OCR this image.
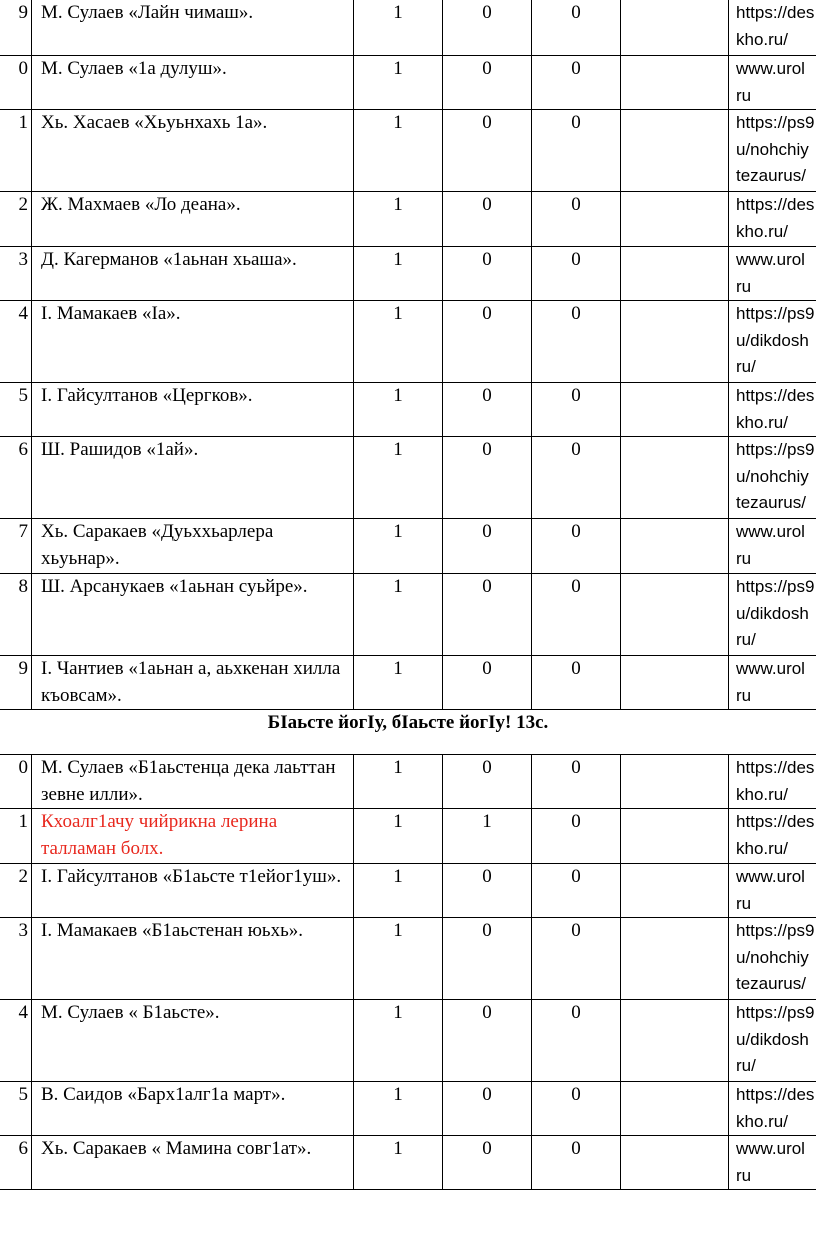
9	М. Сулаев «Лайн чимаш».	1	0	0		https://des
kho.ru/

0	М. Сулаев «1а дулуш».	1	0	0		www.urol
ru

1	Хь. Хасаев «Хьуьнхахь 1а».	1	0	0		https://ps9
u/nohchiy
tezaurus/

2	Ж. Махмаев «Ло деана».	1	0	0		https://des
kho.ru/

3	Д. Кагерманов «1аьнан хьаша».	1	0	0		www.urol
ru

4	I. Мамакаев «Iа».	1	0	0		https://ps9
u/dikdosh
ru/

5	I. Гайсултанов «Цергков».	1	0	0		https://des
kho.ru/

6	Ш. Рашидов «1ай».	1	0	0		https://ps9
u/nohchiy
tezaurus/

7	Хь. Саракаев «Дуьххьарлера хьуьнар».	1	0	0		www.urol
ru

8	Ш. Арсанукаев «1аьнан суьйре».	1	0	0		https://ps9
u/dikdosh
ru/

9	I. Чантиев «1аьнан а, аьхкенан хилла къовсам».	1	0	0		www.urol
ru
БIаьсте йогIу, бIаьсте йогIу! 13с.
0	М. Сулаев «Б1аьстенца дека лаьттан зевне илли».	1	0	0		https://des
kho.ru/

1	Кхоалг1ачу чийрикна лерина талламан болх.	1	1	0		https://des
kho.ru/

2	I. Гайсултанов «Б1аьсте т1ейог1уш».	1	0	0		www.urol
ru

3	I. Мамакаев «Б1аьстенан юьхь».	1	0	0		https://ps9
u/nohchiy
tezaurus/

4	М. Сулаев « Б1аьсте».	1	0	0		https://ps9
u/dikdosh
ru/

5	В. Саидов «Барх1алг1а март».	1	0	0		https://des
kho.ru/

6	Хь. Саракаев « Мамина совг1ат».	1	0	0		www.urol
ru
